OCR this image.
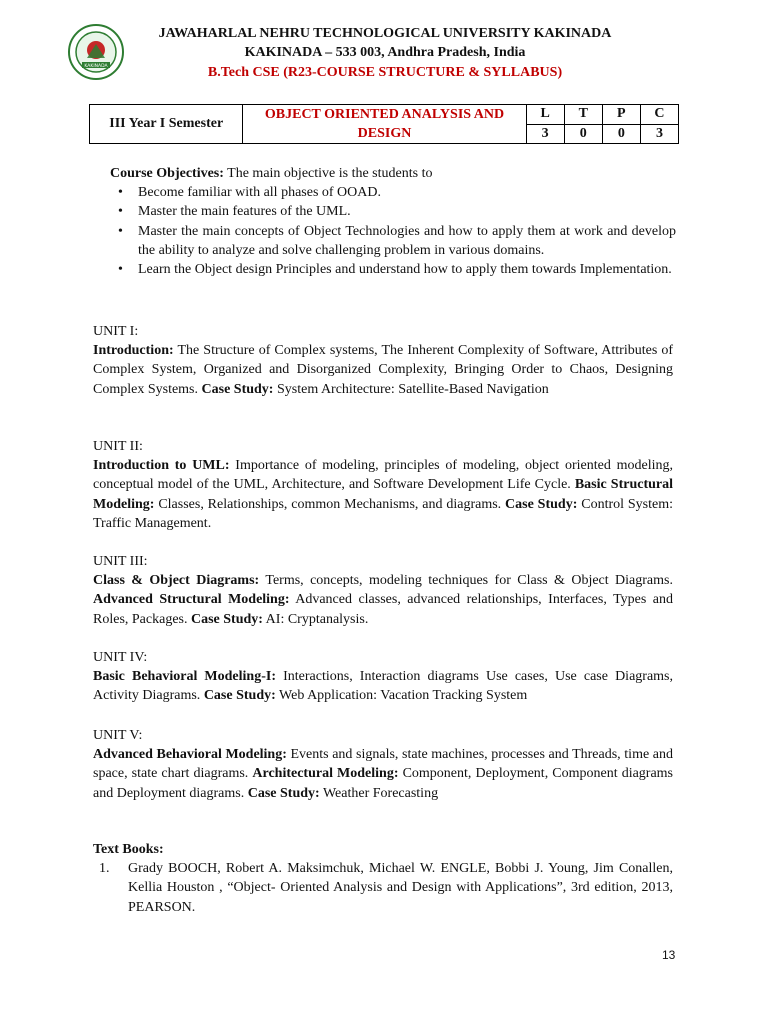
KAKINADA
JAWAHARLAL NEHRU TECHNOLOGICAL UNIVERSITY KAKINADA
KAKINADA – 533 003, Andhra Pradesh, India
B.Tech CSE (R23-COURSE STRUCTURE & SYLLABUS)
III Year I Semester	OBJECT ORIENTED ANALYSIS AND DESIGN	L	T	P	C
		3	0	0	3
Course Objectives: The main objective is the students to
• Become familiar with all phases of OOAD.
• Master the main features of the UML.
• Master the main concepts of Object Technologies and how to apply them at work and develop the ability to analyze and solve challenging problem in various domains.
• Learn the Object design Principles and understand how to apply them towards Implementation.
UNIT I:
Introduction: The Structure of Complex systems, The Inherent Complexity of Software, Attributes of Complex System, Organized and Disorganized Complexity, Bringing Order to Chaos, Designing Complex Systems. Case Study: System Architecture: Satellite-Based Navigation
UNIT II:
Introduction to UML: Importance of modeling, principles of modeling, object oriented modeling, conceptual model of the UML, Architecture, and Software Development Life Cycle. Basic Structural Modeling: Classes, Relationships, common Mechanisms, and diagrams. Case Study: Control System: Traffic Management.
UNIT III:
Class & Object Diagrams: Terms, concepts, modeling techniques for Class & Object Diagrams. Advanced Structural Modeling: Advanced classes, advanced relationships, Interfaces, Types and Roles, Packages. Case Study: AI: Cryptanalysis.
UNIT IV:
Basic Behavioral Modeling-I: Interactions, Interaction diagrams Use cases, Use case Diagrams, Activity Diagrams. Case Study: Web Application: Vacation Tracking System
UNIT V:
Advanced Behavioral Modeling: Events and signals, state machines, processes and Threads, time and space, state chart diagrams. Architectural Modeling: Component, Deployment, Component diagrams and Deployment diagrams. Case Study: Weather Forecasting
Text Books:
1. Grady BOOCH, Robert A. Maksimchuk, Michael W. ENGLE, Bobbi J. Young, Jim Conallen, Kellia Houston , “Object- Oriented Analysis and Design with Applications”, 3rd edition, 2013, PEARSON.
13
